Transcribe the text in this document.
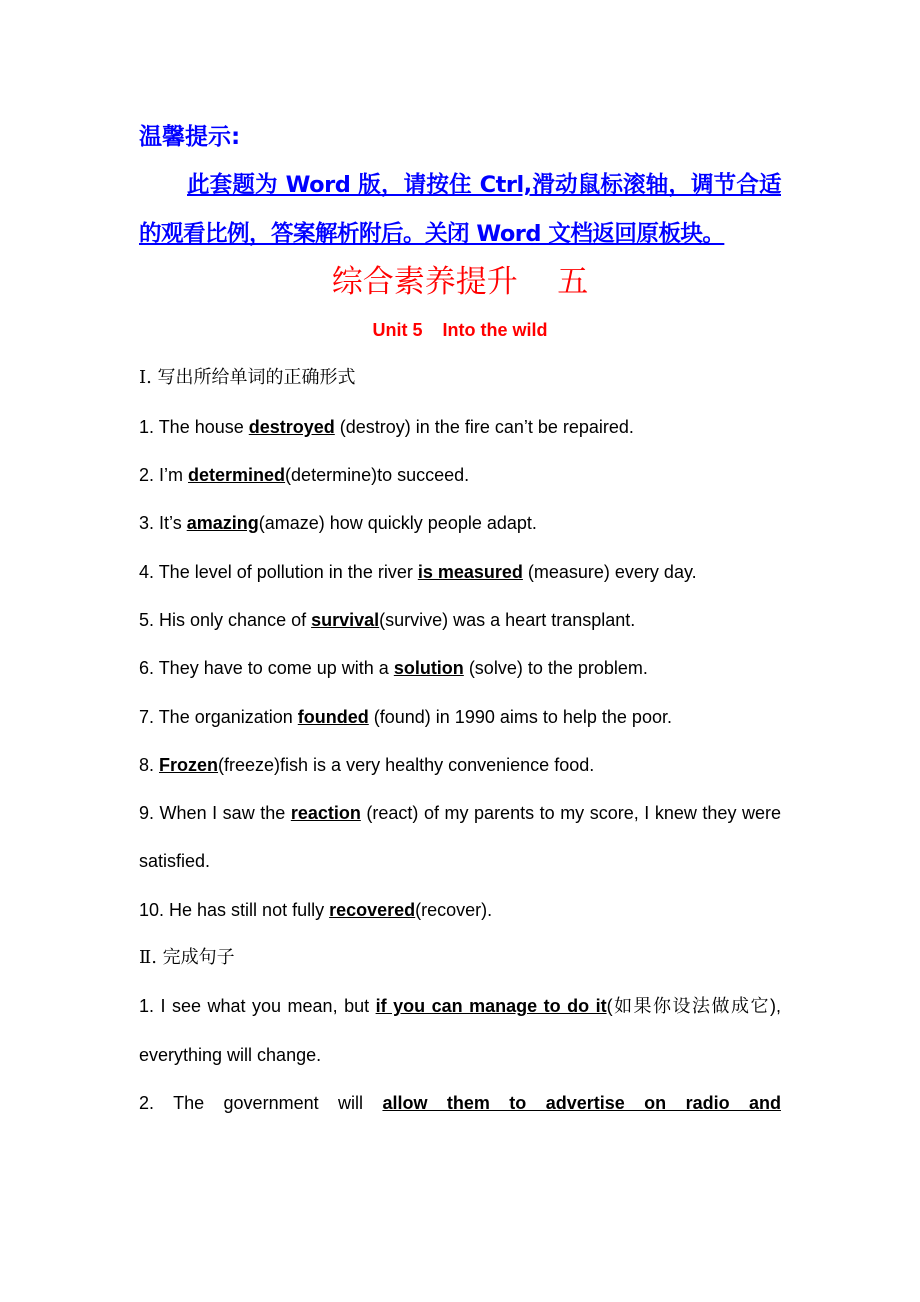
温馨提示:
此套题为 Word 版，请按住 Ctrl,滑动鼠标滚轴，调节合适的观看比例，答案解析附后。关闭 Word 文档返回原板块。
综合素养提升    五
Unit 5    Into the wild
Ⅰ. 写出所给单词的正确形式
1. The house destroyed (destroy) in the fire can’t be repaired.
2. I’m determined(determine)to succeed.
3. It’s amazing(amaze) how quickly people adapt.
4. The level of pollution in the river is measured (measure) every day.
5. His only chance of survival(survive) was a heart transplant.
6. They have to come up with a solution (solve) to the problem.
7. The organization founded (found) in 1990 aims to help the poor.
8. Frozen(freeze)fish is a very healthy convenience food.
9. When I saw the reaction (react) of my parents to my score, I knew they were satisfied.
10. He has still not fully recovered(recover).
Ⅱ. 完成句子
1. I see what you mean, but if you can manage to do it(如果你设法做成它), everything will change.
2. The government will allow them to advertise on radio and
